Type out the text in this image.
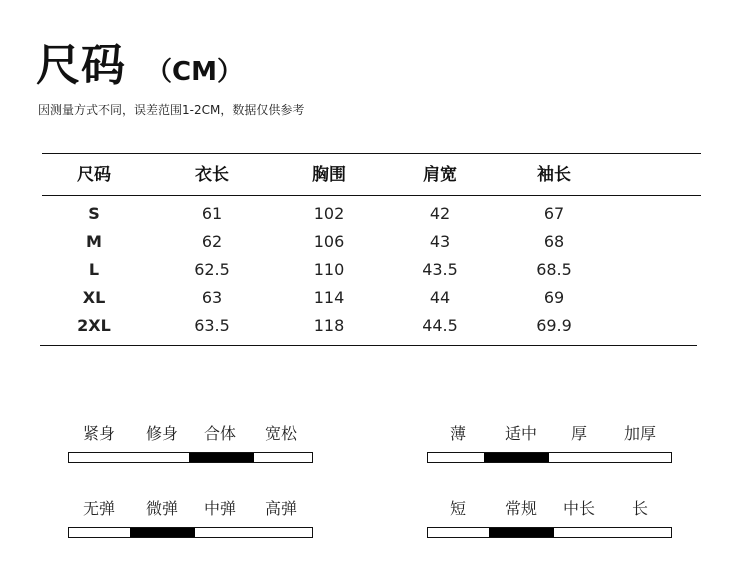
尺码 （CM）
因测量方式不同，误差范围1-2CM，数据仅供参考
尺码	衣长	胸围	肩宽	袖长
S	61	102	42	67
M	62	106	43	68
L	62.5	110	43.5	68.5
XL	63	114	44	69
2XL	63.5	118	44.5	69.9
紧身	修身	合体	宽松	薄	适中	厚	加厚
无弹	微弹	中弹	高弹	短	常规	中长	长
